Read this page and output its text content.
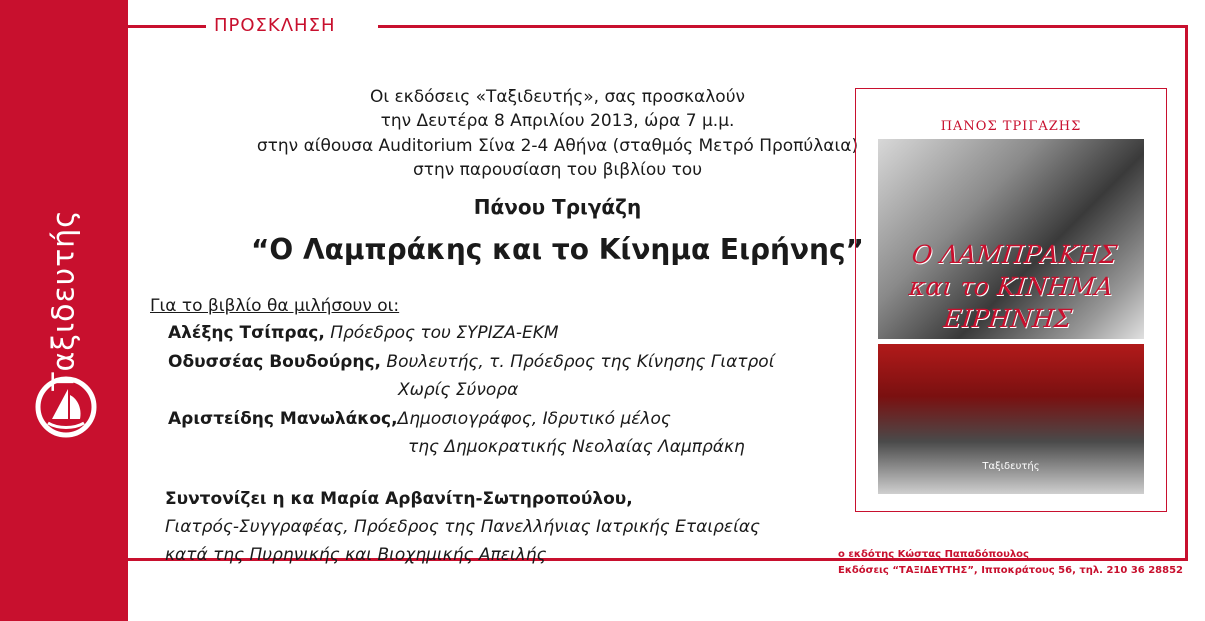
Ταξιδευτής
ΠΡΟΣΚΛΗΣΗ
Οι εκδόσεις «Ταξιδευτής», σας προσκαλούν
την Δευτέρα 8 Απριλίου 2013, ώρα 7 μ.μ.
στην αίθουσα Auditorium Σίνα 2-4 Αθήνα (σταθμός Μετρό Προπύλαια)
στην παρουσίαση του βιβλίου του
Πάνου Τριγάζη
“Ο Λαμπράκης και το Κίνημα Ειρήνης”
Για το βιβλίο θα μιλήσουν οι:
Αλέξης Τσίπρας, Πρόεδρος του ΣΥΡΙΖΑ-ΕΚΜ
Οδυσσέας Βουδούρης, Βουλευτής, τ. Πρόεδρος της Κίνησης Γιατροί
Χωρίς Σύνορα
Αριστείδης Μανωλάκος,Δημοσιογράφος, Ιδρυτικό μέλος
της Δημοκρατικής Νεολαίας Λαμπράκη
Συντονίζει η κα Μαρία Αρβανίτη-Σωτηροπούλου,
Γιατρός-Συγγραφέας, Πρόεδρος της Πανελλήνιας Ιατρικής Εταιρείας
κατά της Πυρηνικής και Βιοχημικής Απειλής
ΠΑΝΟΣ ΤΡΙΓΑΖΗΣ
Ο ΛΑΜΠΡΑΚΗΣ
και το ΚΙΝΗΜΑ
ΕΙΡΗΝΗΣ
Ταξιδευτής
ο εκδότης Κώστας Παπαδόπουλος
Εκδόσεις “ΤΑΞΙΔΕΥΤΗΣ”, Ιπποκράτους 56, τηλ. 210 36 28852
